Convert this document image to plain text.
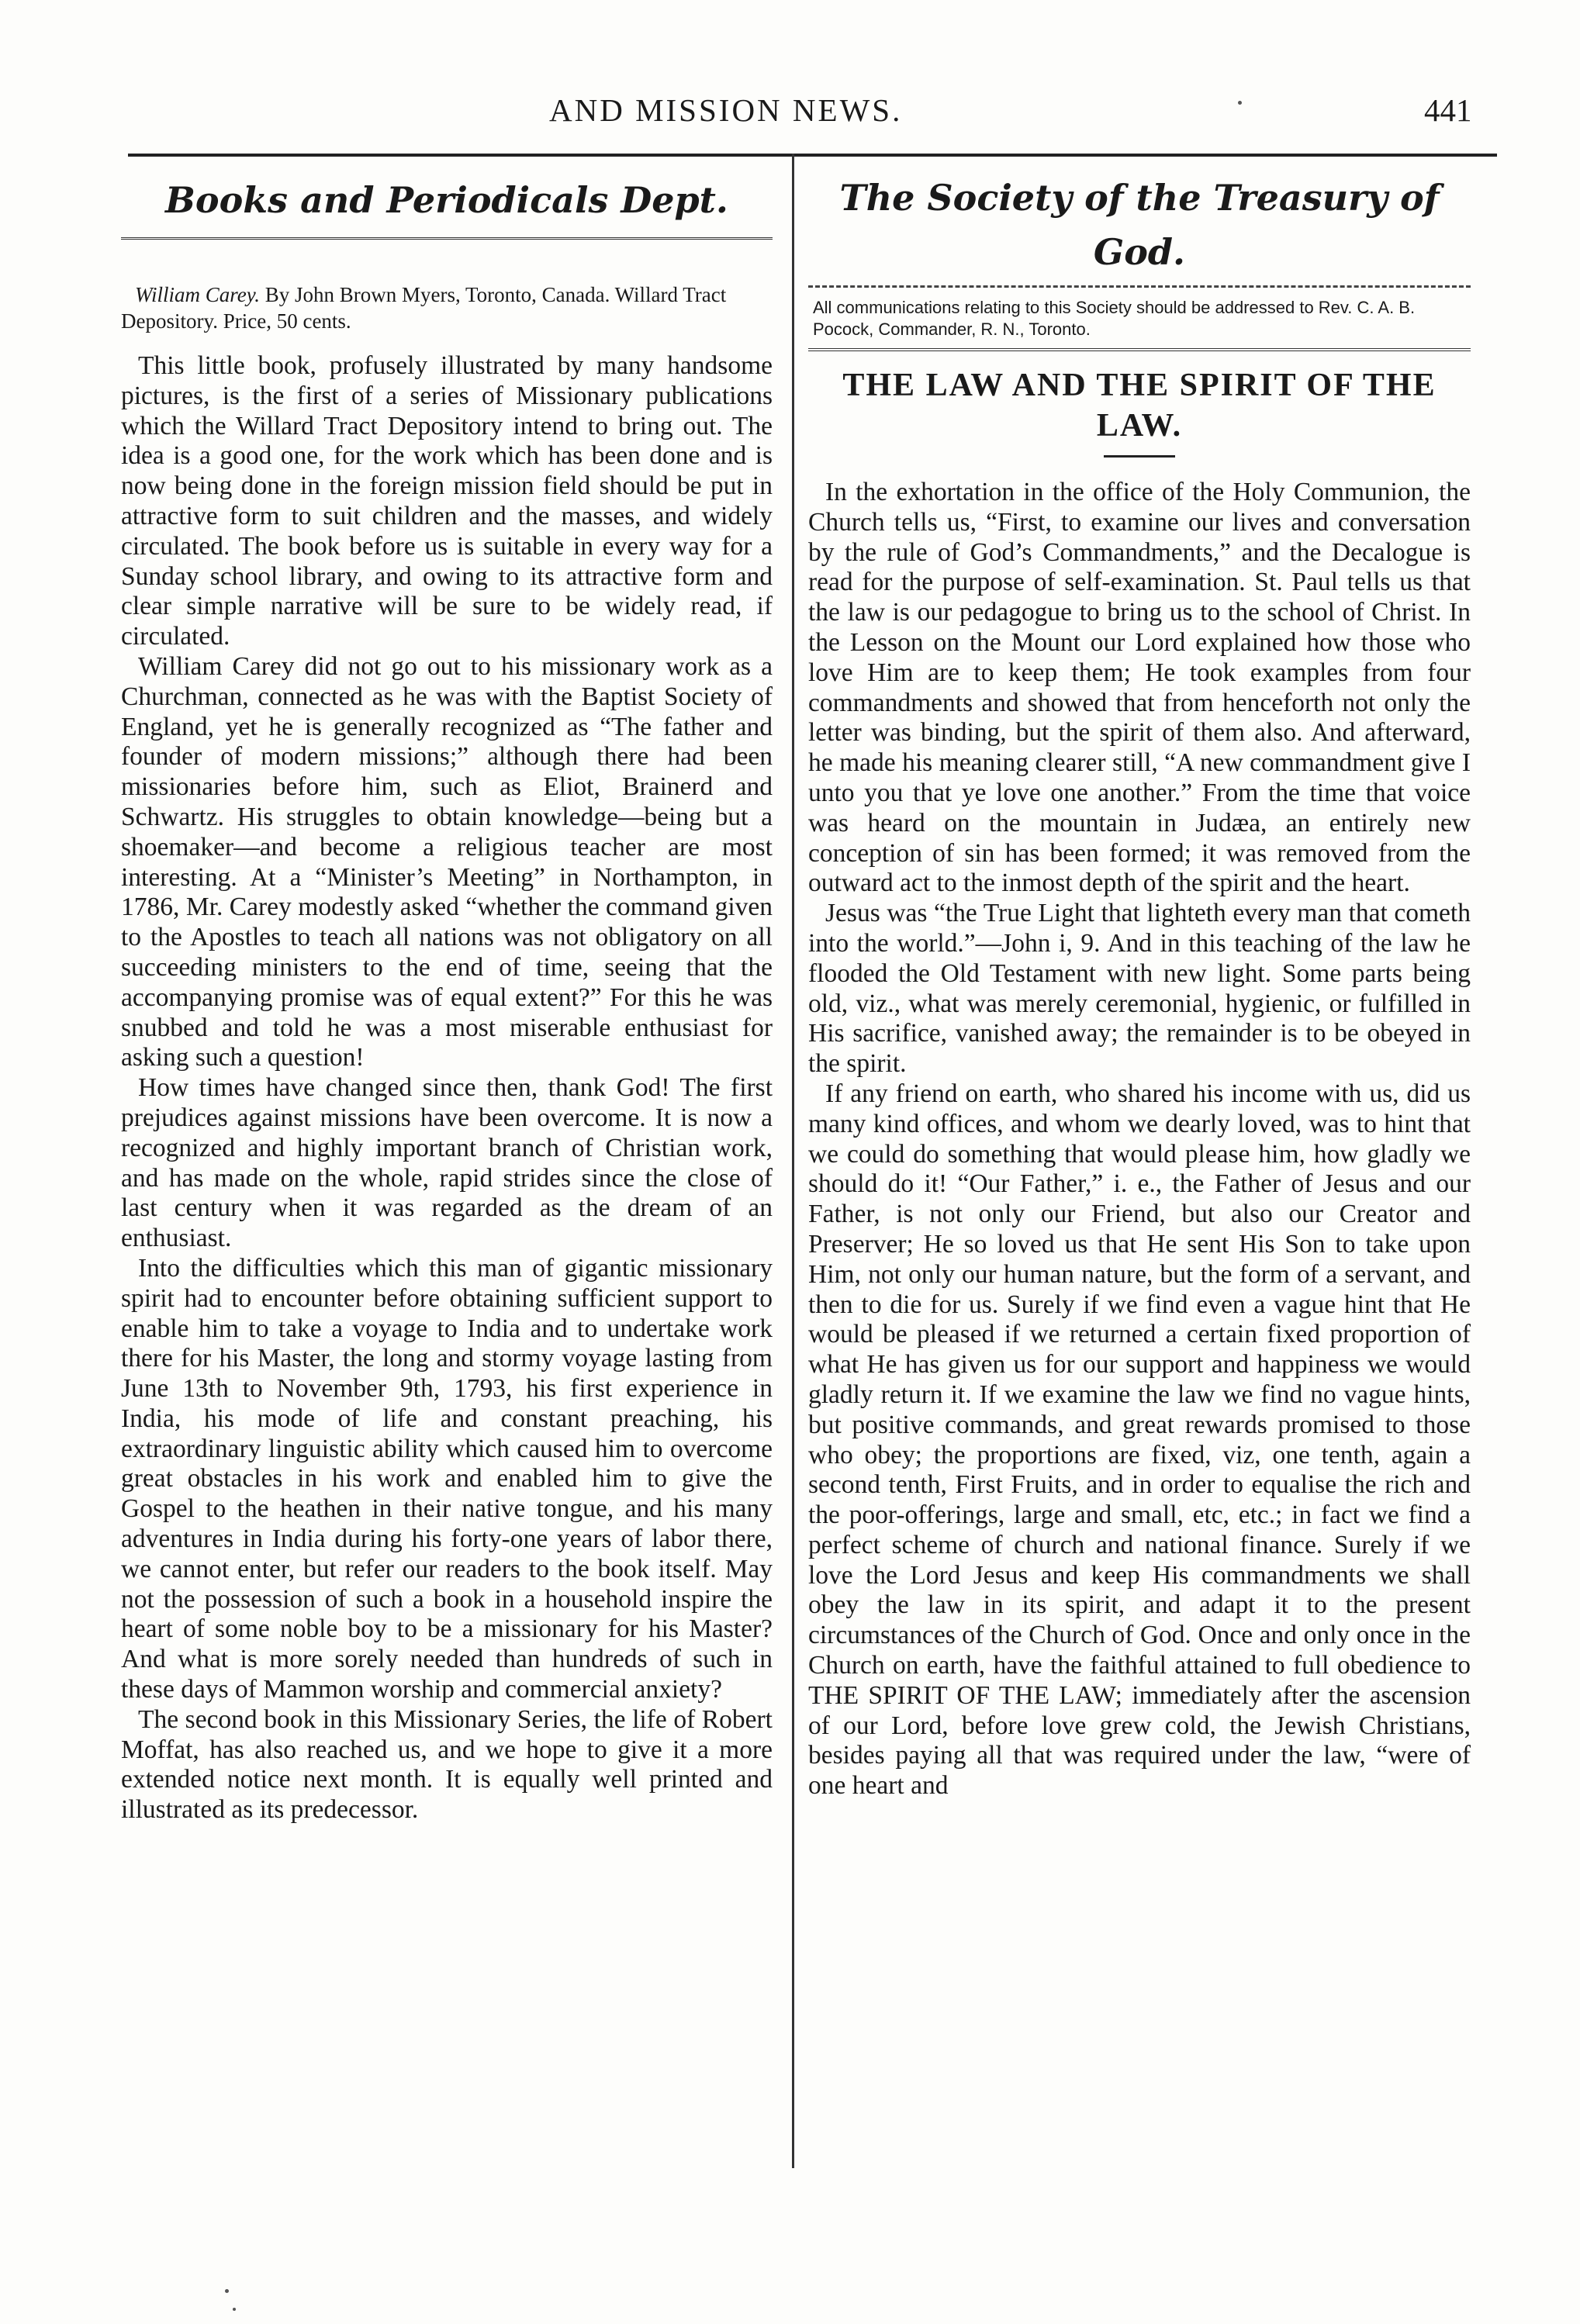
AND MISSION NEWS.	441
Books and Periodicals Dept.
William Carey. By John Brown Myers, Toronto, Canada. Willard Tract Depository. Price, 50 cents.

This little book, profusely illustrated by many handsome pictures, is the first of a series of Missionary publications which the Willard Tract Depository intend to bring out. The idea is a good one, for the work which has been done and is now being done in the foreign mission field should be put in attractive form to suit children and the masses, and widely circulated. The book before us is suitable in every way for a Sunday school library, and owing to its attractive form and clear simple narrative will be sure to be widely read, if circulated.

William Carey did not go out to his missionary work as a Churchman, connected as he was with the Baptist Society of England, yet he is generally recognized as “The father and founder of modern missions;” although there had been missionaries before him, such as Eliot, Brainerd and Schwartz. His struggles to obtain knowledge—being but a shoemaker—and become a religious teacher are most interesting. At a “Minister’s Meeting” in Northampton, in 1786, Mr. Carey modestly asked “whether the command given to the Apostles to teach all nations was not obligatory on all succeeding ministers to the end of time, seeing that the accompanying promise was of equal extent?” For this he was snubbed and told he was a most miserable enthusiast for asking such a question!

How times have changed since then, thank God! The first prejudices against missions have been overcome. It is now a recognized and highly important branch of Christian work, and has made on the whole, rapid strides since the close of last century when it was regarded as the dream of an enthusiast.

Into the difficulties which this man of gigantic missionary spirit had to encounter before obtaining sufficient support to enable him to take a voyage to India and to undertake work there for his Master, the long and stormy voyage lasting from June 13th to November 9th, 1793, his first experience in India, his mode of life and constant preaching, his extraordinary linguistic ability which caused him to overcome great obstacles in his work and enabled him to give the Gospel to the heathen in their native tongue, and his many adventures in India during his forty-one years of labor there, we cannot enter, but refer our readers to the book itself. May not the possession of such a book in a household inspire the heart of some noble boy to be a missionary for his Master? And what is more sorely needed than hundreds of such in these days of Mammon worship and commercial anxiety?

The second book in this Missionary Series, the life of Robert Moffat, has also reached us, and we hope to give it a more extended notice next month. It is equally well printed and illustrated as its predecessor.

The Society of the Treasury of God.
All communications relating to this Society should be addressed to Rev. C. A. B. Pocock, Commander, R. N., Toronto.
THE LAW AND THE SPIRIT OF THE LAW.

In the exhortation in the office of the Holy Communion, the Church tells us, “First, to examine our lives and conversation by the rule of God’s Commandments,” and the Decalogue is read for the purpose of self-examination. St. Paul tells us that the law is our pedagogue to bring us to the school of Christ. In the Lesson on the Mount our Lord explained how those who love Him are to keep them; He took examples from four commandments and showed that from henceforth not only the letter was binding, but the spirit of them also. And afterward, he made his meaning clearer still, “A new commandment give I unto you that ye love one another.” From the time that voice was heard on the mountain in Judæa, an entirely new conception of sin has been formed; it was removed from the outward act to the inmost depth of the spirit and the heart.

Jesus was “the True Light that lighteth every man that cometh into the world.”—John i, 9. And in this teaching of the law he flooded the Old Testament with new light. Some parts being old, viz., what was merely ceremonial, hygienic, or fulfilled in His sacrifice, vanished away; the remainder is to be obeyed in the spirit.

If any friend on earth, who shared his income with us, did us many kind offices, and whom we dearly loved, was to hint that we could do something that would please him, how gladly we should do it! “Our Father,” i. e., the Father of Jesus and our Father, is not only our Friend, but also our Creator and Preserver; He so loved us that He sent His Son to take upon Him, not only our human nature, but the form of a servant, and then to die for us. Surely if we find even a vague hint that He would be pleased if we returned a certain fixed proportion of what He has given us for our support and happiness we would gladly return it. If we examine the law we find no vague hints, but positive commands, and great rewards promised to those who obey; the proportions are fixed, viz, one tenth, again a second tenth, First Fruits, and in order to equalise the rich and the poor-offerings, large and small, etc, etc.; in fact we find a perfect scheme of church and national finance. Surely if we love the Lord Jesus and keep His commandments we shall obey the law in its spirit, and adapt it to the present circumstances of the Church of God. Once and only once in the Church on earth, have the faithful attained to full obedience to THE SPIRIT OF THE LAW; immediately after the ascension of our Lord, before love grew cold, the Jewish Christians, besides paying all that was required under the law, “were of one heart and
